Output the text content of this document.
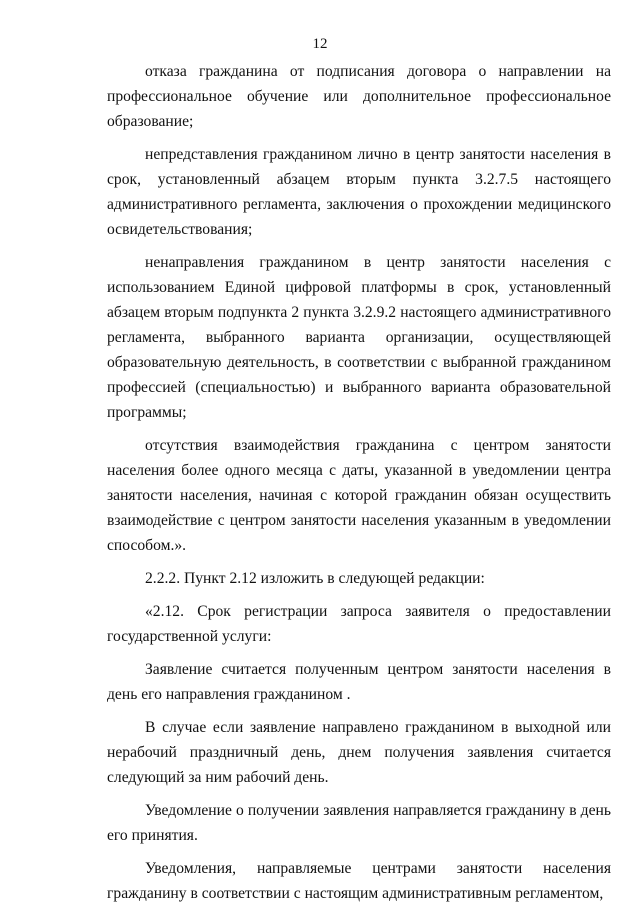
12

отказа гражданина от подписания договора о направлении на профессиональное обучение или дополнительное профессиональное образование;

непредставления гражданином лично в центр занятости населения в срок, установленный абзацем вторым пункта 3.2.7.5 настоящего административного регламента, заключения о прохождении медицинского освидетельствования;

ненаправления гражданином в центр занятости населения с использованием Единой цифровой платформы в срок, установленный абзацем вторым подпункта 2 пункта 3.2.9.2 настоящего административного регламента, выбранного варианта организации, осуществляющей образовательную деятельность, в соответствии с выбранной гражданином профессией (специальностью) и выбранного варианта образовательной программы;

отсутствия взаимодействия гражданина с центром занятости населения более одного месяца с даты, указанной в уведомлении центра занятости населения, начиная с которой гражданин обязан осуществить взаимодействие с центром занятости населения указанным в уведомлении способом.».

2.2.2. Пункт 2.12 изложить в следующей редакции:

«2.12. Срок регистрации запроса заявителя о предоставлении государственной услуги:

Заявление считается полученным центром занятости населения в день его направления гражданином .

В случае если заявление направлено гражданином в выходной или нерабочий праздничный день, днем получения заявления считается следующий за ним рабочий день.

Уведомление о получении заявления направляется гражданину в день его принятия.

Уведомления, направляемые центрами занятости населения гражданину в соответствии с настоящим административным регламентом,
